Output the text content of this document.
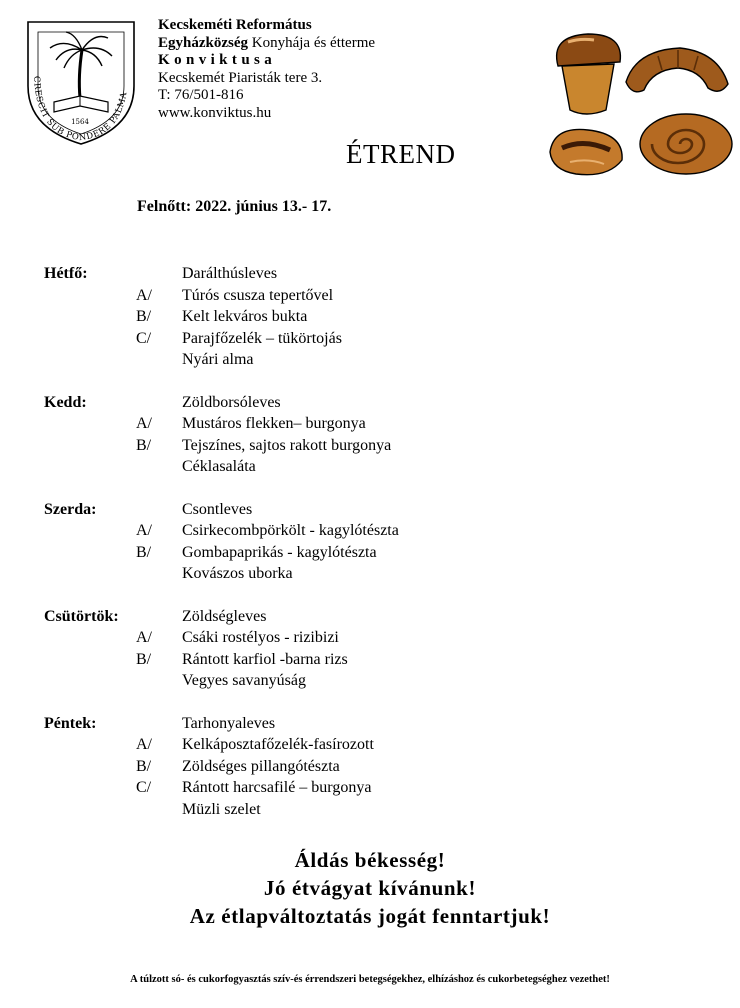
1564
CRESCIT SUB PONDERE PALMA
Kecskeméti Református
Egyházközség Konyhája és étterme
Konviktusa
Kecskemét Piaristák tere 3.
T: 76/501-816
www.konviktus.hu
ÉTREND
Felnőtt: 2022. június 13.- 17.
Hétfő:	Darálthúsleves
A/ Túrós csusza tepertővel
B/ Kelt lekváros bukta
C/ Parajfőzelék – tükörtojás
Nyári alma
Kedd:	Zöldborsóleves
A/ Mustáros flekken– burgonya
B/ Tejszínes, sajtos rakott burgonya
Céklasaláta
Szerda:	Csontleves
A/ Csirkecombpörkölt - kagylótészta
B/ Gombapaprikás - kagylótészta
Kovászos uborka
Csütörtök:	Zöldségleves
A/ Csáki rostélyos - rizibizi
B/ Rántott karfiol -barna rizs
Vegyes savanyúság
Péntek:	Tarhonyaleves
A/ Kelkáposztafőzelék-fasírozott
B/ Zöldséges pillangótészta
C/ Rántott harcsafilé – burgonya
Müzli szelet
Áldás békesség!
Jó étvágyat kívánunk!
Az étlapváltoztatás jogát fenntartjuk!
A túlzott só- és cukorfogyasztás szív-és érrendszeri betegségekhez, elhízáshoz és cukorbetegséghez vezethet!
